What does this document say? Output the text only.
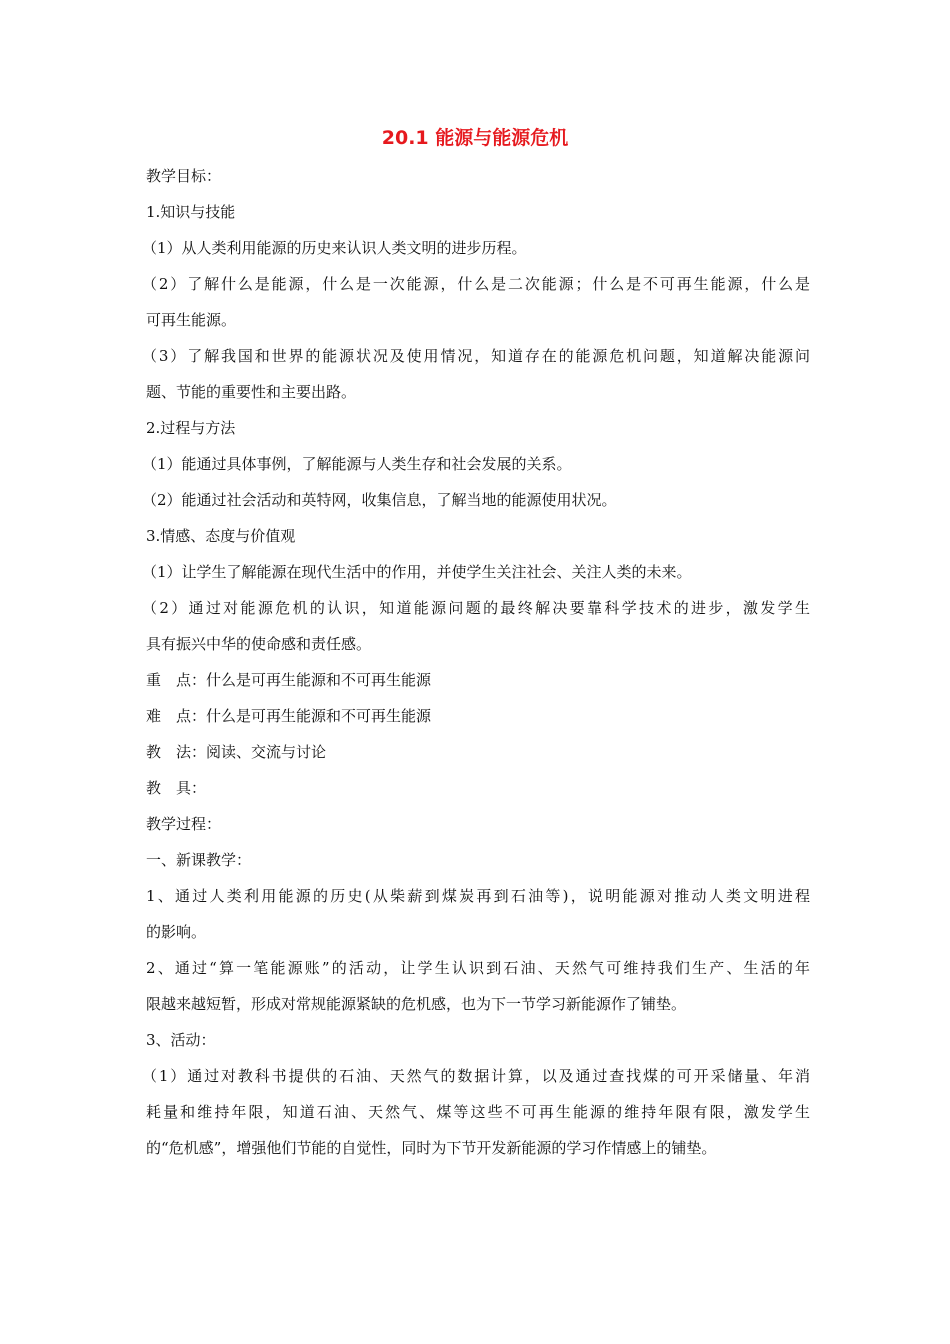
20.1 能源与能源危机
教学目标：
1.知识与技能
（1）从人类利用能源的历史来认识人类文明的进步历程。
（2）了解什么是能源，什么是一次能源，什么是二次能源；什么是不可再生能源，什么是
可再生能源。
（3）了解我国和世界的能源状况及使用情况，知道存在的能源危机问题，知道解决能源问
题、节能的重要性和主要出路。
2.过程与方法
（1）能通过具体事例，了解能源与人类生存和社会发展的关系。
（2）能通过社会活动和英特网，收集信息，了解当地的能源使用状况。
3.情感、态度与价值观
（1）让学生了解能源在现代生活中的作用，并使学生关注社会、关注人类的未来。
（2）通过对能源危机的认识，知道能源问题的最终解决要靠科学技术的进步，激发学生
具有振兴中华的使命感和责任感。
重　点：什么是可再生能源和不可再生能源
难　点：什么是可再生能源和不可再生能源
教　法：阅读、交流与讨论
教　具：
教学过程：
一、新课教学：
1、通过人类利用能源的历史(从柴薪到煤炭再到石油等)，说明能源对推动人类文明进程
的影响。
2、通过“算一笔能源账”的活动，让学生认识到石油、天然气可维持我们生产、生活的年
限越来越短暂，形成对常规能源紧缺的危机感，也为下一节学习新能源作了铺垫。
3、活动：
（1）通过对教科书提供的石油、天然气的数据计算，以及通过查找煤的可开采储量、年消
耗量和维持年限，知道石油、天然气、煤等这些不可再生能源的维持年限有限，激发学生
的“危机感”，增强他们节能的自觉性，同时为下节开发新能源的学习作情感上的铺垫。
